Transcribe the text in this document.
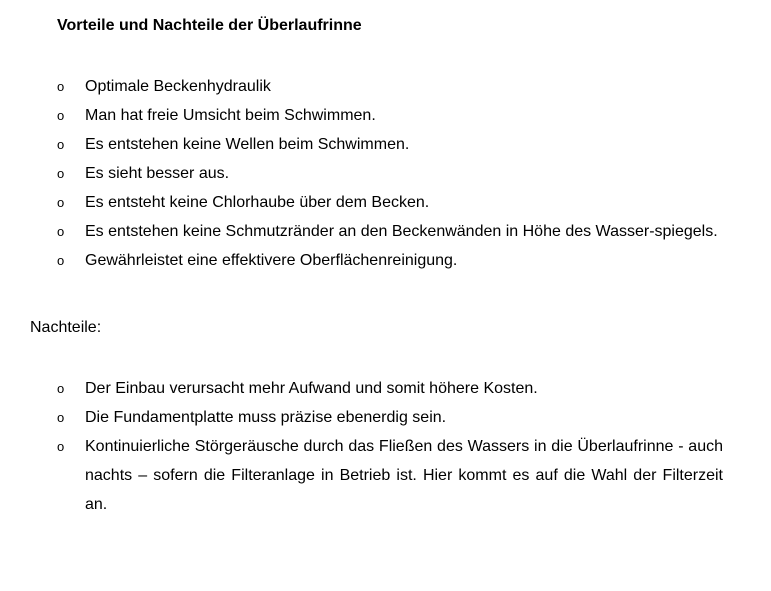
Vorteile und Nachteile der Überlaufrinne
o Optimale Beckenhydraulik
o Man hat freie Umsicht beim Schwimmen.
o Es entstehen keine Wellen beim Schwimmen.
o Es sieht besser aus.
o Es entsteht keine Chlorhaube über dem Becken.
o Es entstehen keine Schmutzränder an den Beckenwänden in Höhe des Wasser-spiegels.
o Gewährleistet eine effektivere Oberflächenreinigung.
Nachteile:
o Der Einbau verursacht mehr Aufwand und somit höhere Kosten.
o Die Fundamentplatte muss präzise ebenerdig sein.
o Kontinuierliche Störgeräusche durch das Fließen des Wassers in die Überlaufrinne - auch nachts – sofern die Filteranlage in Betrieb ist. Hier kommt es auf die Wahl der Filterzeit an.
